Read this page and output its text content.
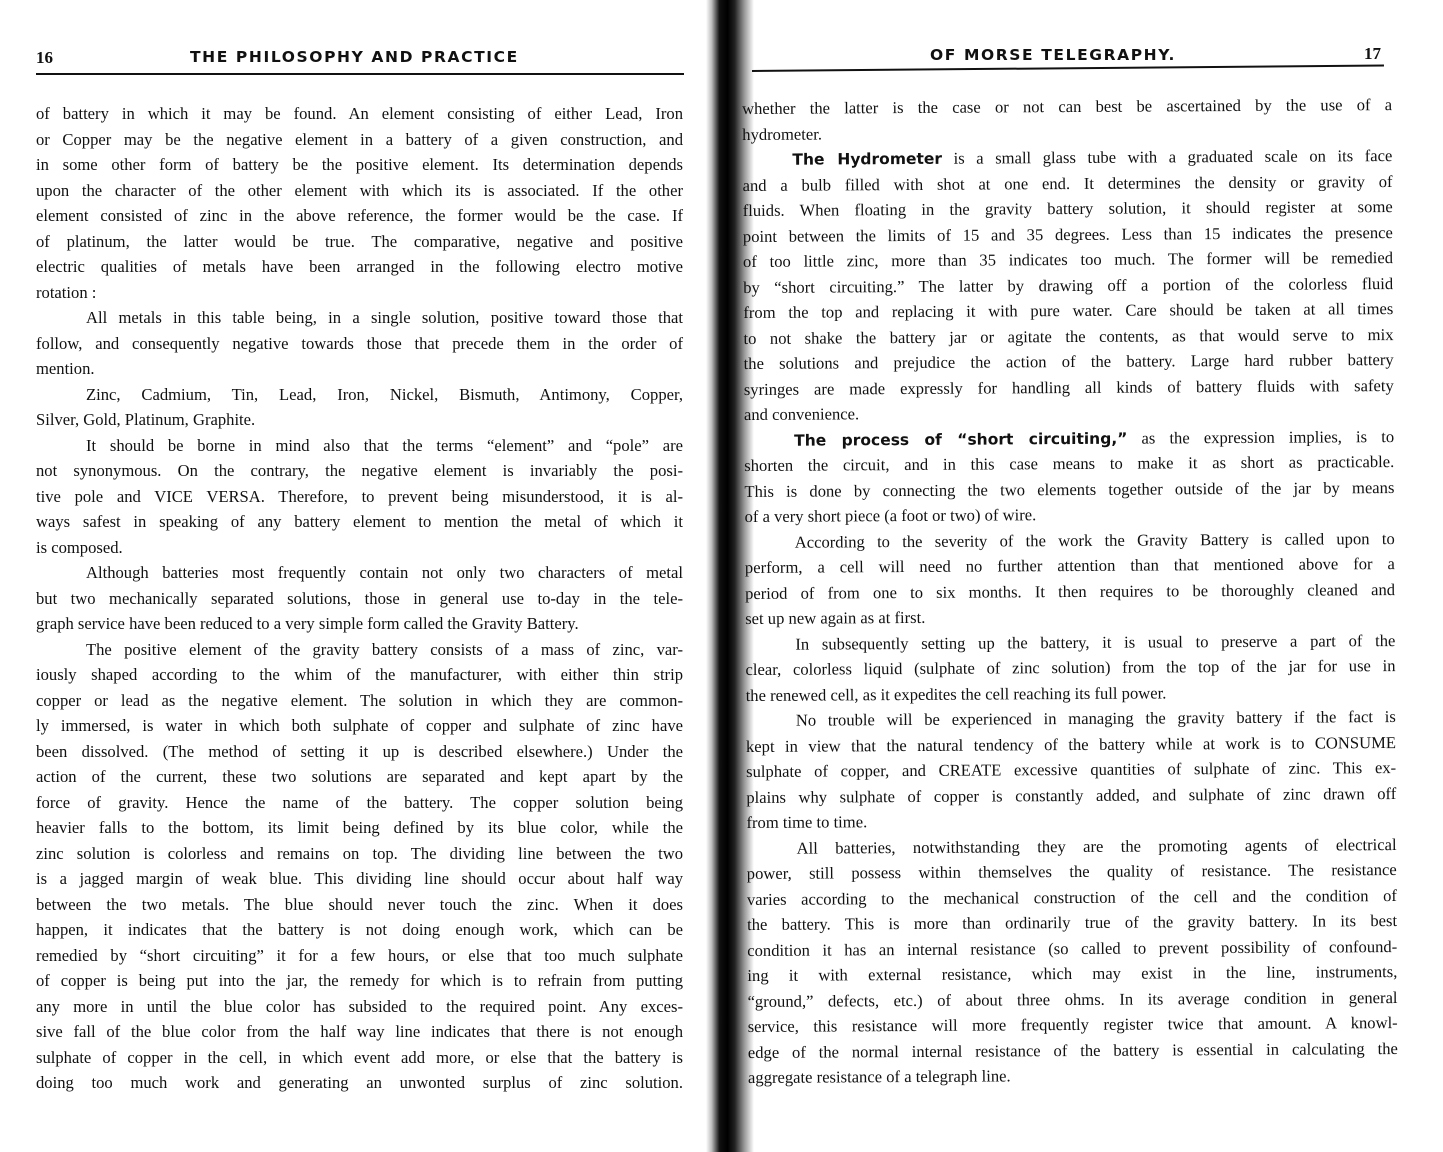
16	THE PHILOSOPHY AND PRACTICE
of battery in which it may be found. An element consisting of either Lead, Iron
or Copper may be the negative element in a battery of a given construction, and
in some other form of battery be the positive element. Its determination depends
upon the character of the other element with which its is associated. If the other
element consisted of zinc in the above reference, the former would be the case. If
of platinum, the latter would be true. The comparative, negative and positive
electric qualities of metals have been arranged in the following electro motive
rotation :
All metals in this table being, in a single solution, positive toward those that
follow, and consequently negative towards those that precede them in the order of
mention.
Zinc, Cadmium, Tin, Lead, Iron, Nickel, Bismuth, Antimony, Copper,
Silver, Gold, Platinum, Graphite.
It should be borne in mind also that the terms “element” and “pole” are
not synonymous. On the contrary, the negative element is invariably the posi-
tive pole and VICE VERSA. Therefore, to prevent being misunderstood, it is al-
ways safest in speaking of any battery element to mention the metal of which it
is composed.
Although batteries most frequently contain not only two characters of metal
but two mechanically separated solutions, those in general use to-day in the tele-
graph service have been reduced to a very simple form called the Gravity Battery.
The positive element of the gravity battery consists of a mass of zinc, var-
iously shaped according to the whim of the manufacturer, with either thin strip
copper or lead as the negative element. The solution in which they are common-
ly immersed, is water in which both sulphate of copper and sulphate of zinc have
been dissolved. (The method of setting it up is described elsewhere.) Under the
action of the current, these two solutions are separated and kept apart by the
force of gravity. Hence the name of the battery. The copper solution being
heavier falls to the bottom, its limit being defined by its blue color, while the
zinc solution is colorless and remains on top. The dividing line between the two
is a jagged margin of weak blue. This dividing line should occur about half way
between the two metals. The blue should never touch the zinc. When it does
happen, it indicates that the battery is not doing enough work, which can be
remedied by “short circuiting” it for a few hours, or else that too much sulphate
of copper is being put into the jar, the remedy for which is to refrain from putting
any more in until the blue color has subsided to the required point. Any exces-
sive fall of the blue color from the half way line indicates that there is not enough
sulphate of copper in the cell, in which event add more, or else that the battery is
doing too much work and generating an unwonted surplus of zinc solution.
OF MORSE TELEGRAPHY.	17
whether the latter is the case or not can best be ascertained by the use of a
hydrometer.
The Hydrometer is a small glass tube with a graduated scale on its face
and a bulb filled with shot at one end. It determines the density or gravity of
fluids. When floating in the gravity battery solution, it should register at some
point between the limits of 15 and 35 degrees. Less than 15 indicates the presence
of too little zinc, more than 35 indicates too much. The former will be remedied
by “short circuiting.” The latter by drawing off a portion of the colorless fluid
from the top and replacing it with pure water. Care should be taken at all times
to not shake the battery jar or agitate the contents, as that would serve to mix
the solutions and prejudice the action of the battery. Large hard rubber battery
syringes are made expressly for handling all kinds of battery fluids with safety
and convenience.
The process of “short circuiting,” as the expression implies, is to
shorten the circuit, and in this case means to make it as short as practicable.
This is done by connecting the two elements together outside of the jar by means
of a very short piece (a foot or two) of wire.
According to the severity of the work the Gravity Battery is called upon to
perform, a cell will need no further attention than that mentioned above for a
period of from one to six months. It then requires to be thoroughly cleaned and
set up new again as at first.
In subsequently setting up the battery, it is usual to preserve a part of the
clear, colorless liquid (sulphate of zinc solution) from the top of the jar for use in
the renewed cell, as it expedites the cell reaching its full power.
No trouble will be experienced in managing the gravity battery if the fact is
kept in view that the natural tendency of the battery while at work is to CONSUME
sulphate of copper, and CREATE excessive quantities of sulphate of zinc. This ex-
plains why sulphate of copper is constantly added, and sulphate of zinc drawn off
from time to time.
All batteries, notwithstanding they are the promoting agents of electrical
power, still possess within themselves the quality of resistance. The resistance
varies according to the mechanical construction of the cell and the condition of
the battery. This is more than ordinarily true of the gravity battery. In its best
condition it has an internal resistance (so called to prevent possibility of confound-
ing it with external resistance, which may exist in the line, instruments,
“ground,” defects, etc.) of about three ohms. In its average condition in general
service, this resistance will more frequently register twice that amount. A knowl-
edge of the normal internal resistance of the battery is essential in calculating the
aggregate resistance of a telegraph line.
